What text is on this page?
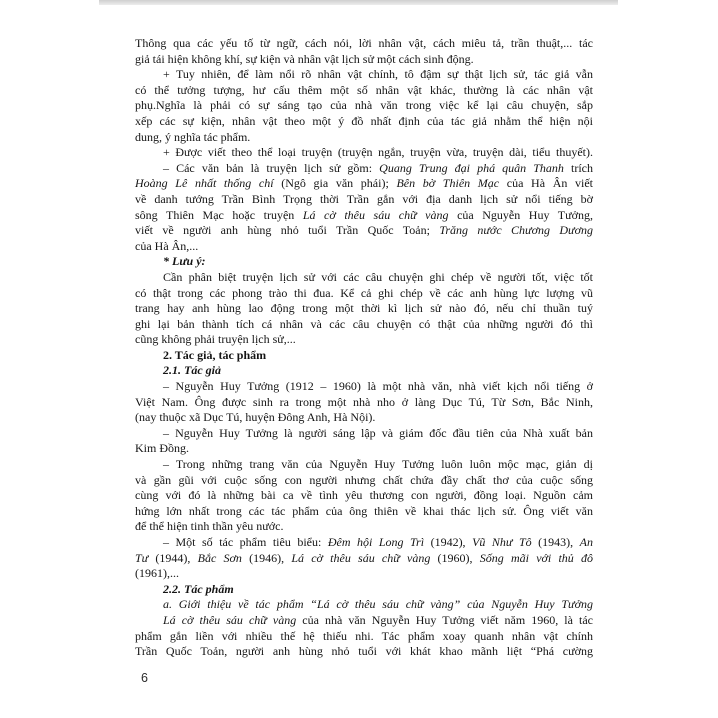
Thông qua các yếu tố từ ngữ, cách nói, lời nhân vật, cách miêu tả, trần thuật,... tác

giả tái hiện không khí, sự kiện và nhân vật lịch sử một cách sinh động.

+ Tuy nhiên, để làm nổi rõ nhân vật chính, tô đậm sự thật lịch sử, tác giả vẫn

có thể tưởng tượng, hư cấu thêm một số nhân vật khác, thường là các nhân vật

phụ.Nghĩa là phải có sự sáng tạo của nhà văn trong việc kể lại câu chuyện, sắp

xếp các sự kiện, nhân vật theo một ý đồ nhất định của tác giả nhằm thể hiện nội

dung, ý nghĩa tác phẩm.

+ Được viết theo thể loại truyện (truyện ngắn, truyện vừa, truyện dài, tiểu thuyết).

– Các văn bản là truyện lịch sử gồm: Quang Trung đại phá quân Thanh trích

Hoàng Lê nhất thống chí (Ngô gia văn phái); Bên bờ Thiên Mạc của Hà Ân viết

về danh tướng Trần Bình Trọng thời Trần gắn với địa danh lịch sử nổi tiếng bờ

sông Thiên Mạc hoặc truyện Lá cờ thêu sáu chữ vàng của Nguyễn Huy Tưởng,

viết về người anh hùng nhỏ tuổi Trần Quốc Toản; Trăng nước Chương Dương

của Hà Ân,...

* Lưu ý:

Cần phân biệt truyện lịch sử với các câu chuyện ghi chép về người tốt, việc tốt

có thật trong các phong trào thi đua. Kể cả ghi chép về các anh hùng lực lượng vũ

trang hay anh hùng lao động trong một thời kì lịch sử nào đó, nếu chỉ thuần tuý

ghi lại bản thành tích cá nhân và các câu chuyện có thật của những người đó thì

cũng không phải truyện lịch sử,...

2. Tác giả, tác phẩm

2.1. Tác giả

– Nguyễn Huy Tưởng (1912 – 1960) là một nhà văn, nhà viết kịch nổi tiếng ở

Việt Nam. Ông được sinh ra trong một nhà nho ở làng Dục Tú, Từ Sơn, Bắc Ninh,

(nay thuộc xã Dục Tú, huyện Đông Anh, Hà Nội).

– Nguyễn Huy Tưởng là người sáng lập và giám đốc đầu tiên của Nhà xuất bản

Kim Đồng.

– Trong những trang văn của Nguyễn Huy Tưởng luôn luôn mộc mạc, giản dị

và gần gũi với cuộc sống con người nhưng chất chứa đầy chất thơ của cuộc sống

cùng với đó là những bài ca về tình yêu thương con người, đồng loại. Nguồn cảm

hứng lớn nhất trong các tác phẩm của ông thiên về khai thác lịch sử. Ông viết văn

để thể hiện tinh thần yêu nước.

– Một số tác phẩm tiêu biểu: Đêm hội Long Trì (1942), Vũ Như Tô (1943), An

Tư (1944), Bắc Sơn (1946), Lá cờ thêu sáu chữ vàng (1960), Sống mãi với thủ đô

(1961),...

2.2. Tác phẩm

a. Giới thiệu về tác phẩm “Lá cờ thêu sáu chữ vàng” của Nguyễn Huy Tưởng

Lá cờ thêu sáu chữ vàng của nhà văn Nguyễn Huy Tưởng viết năm 1960, là tác

phẩm gắn liền với nhiều thế hệ thiếu nhi. Tác phẩm xoay quanh nhân vật chính

Trần Quốc Toản, người anh hùng nhỏ tuổi với khát khao mãnh liệt “Phá cường

6
